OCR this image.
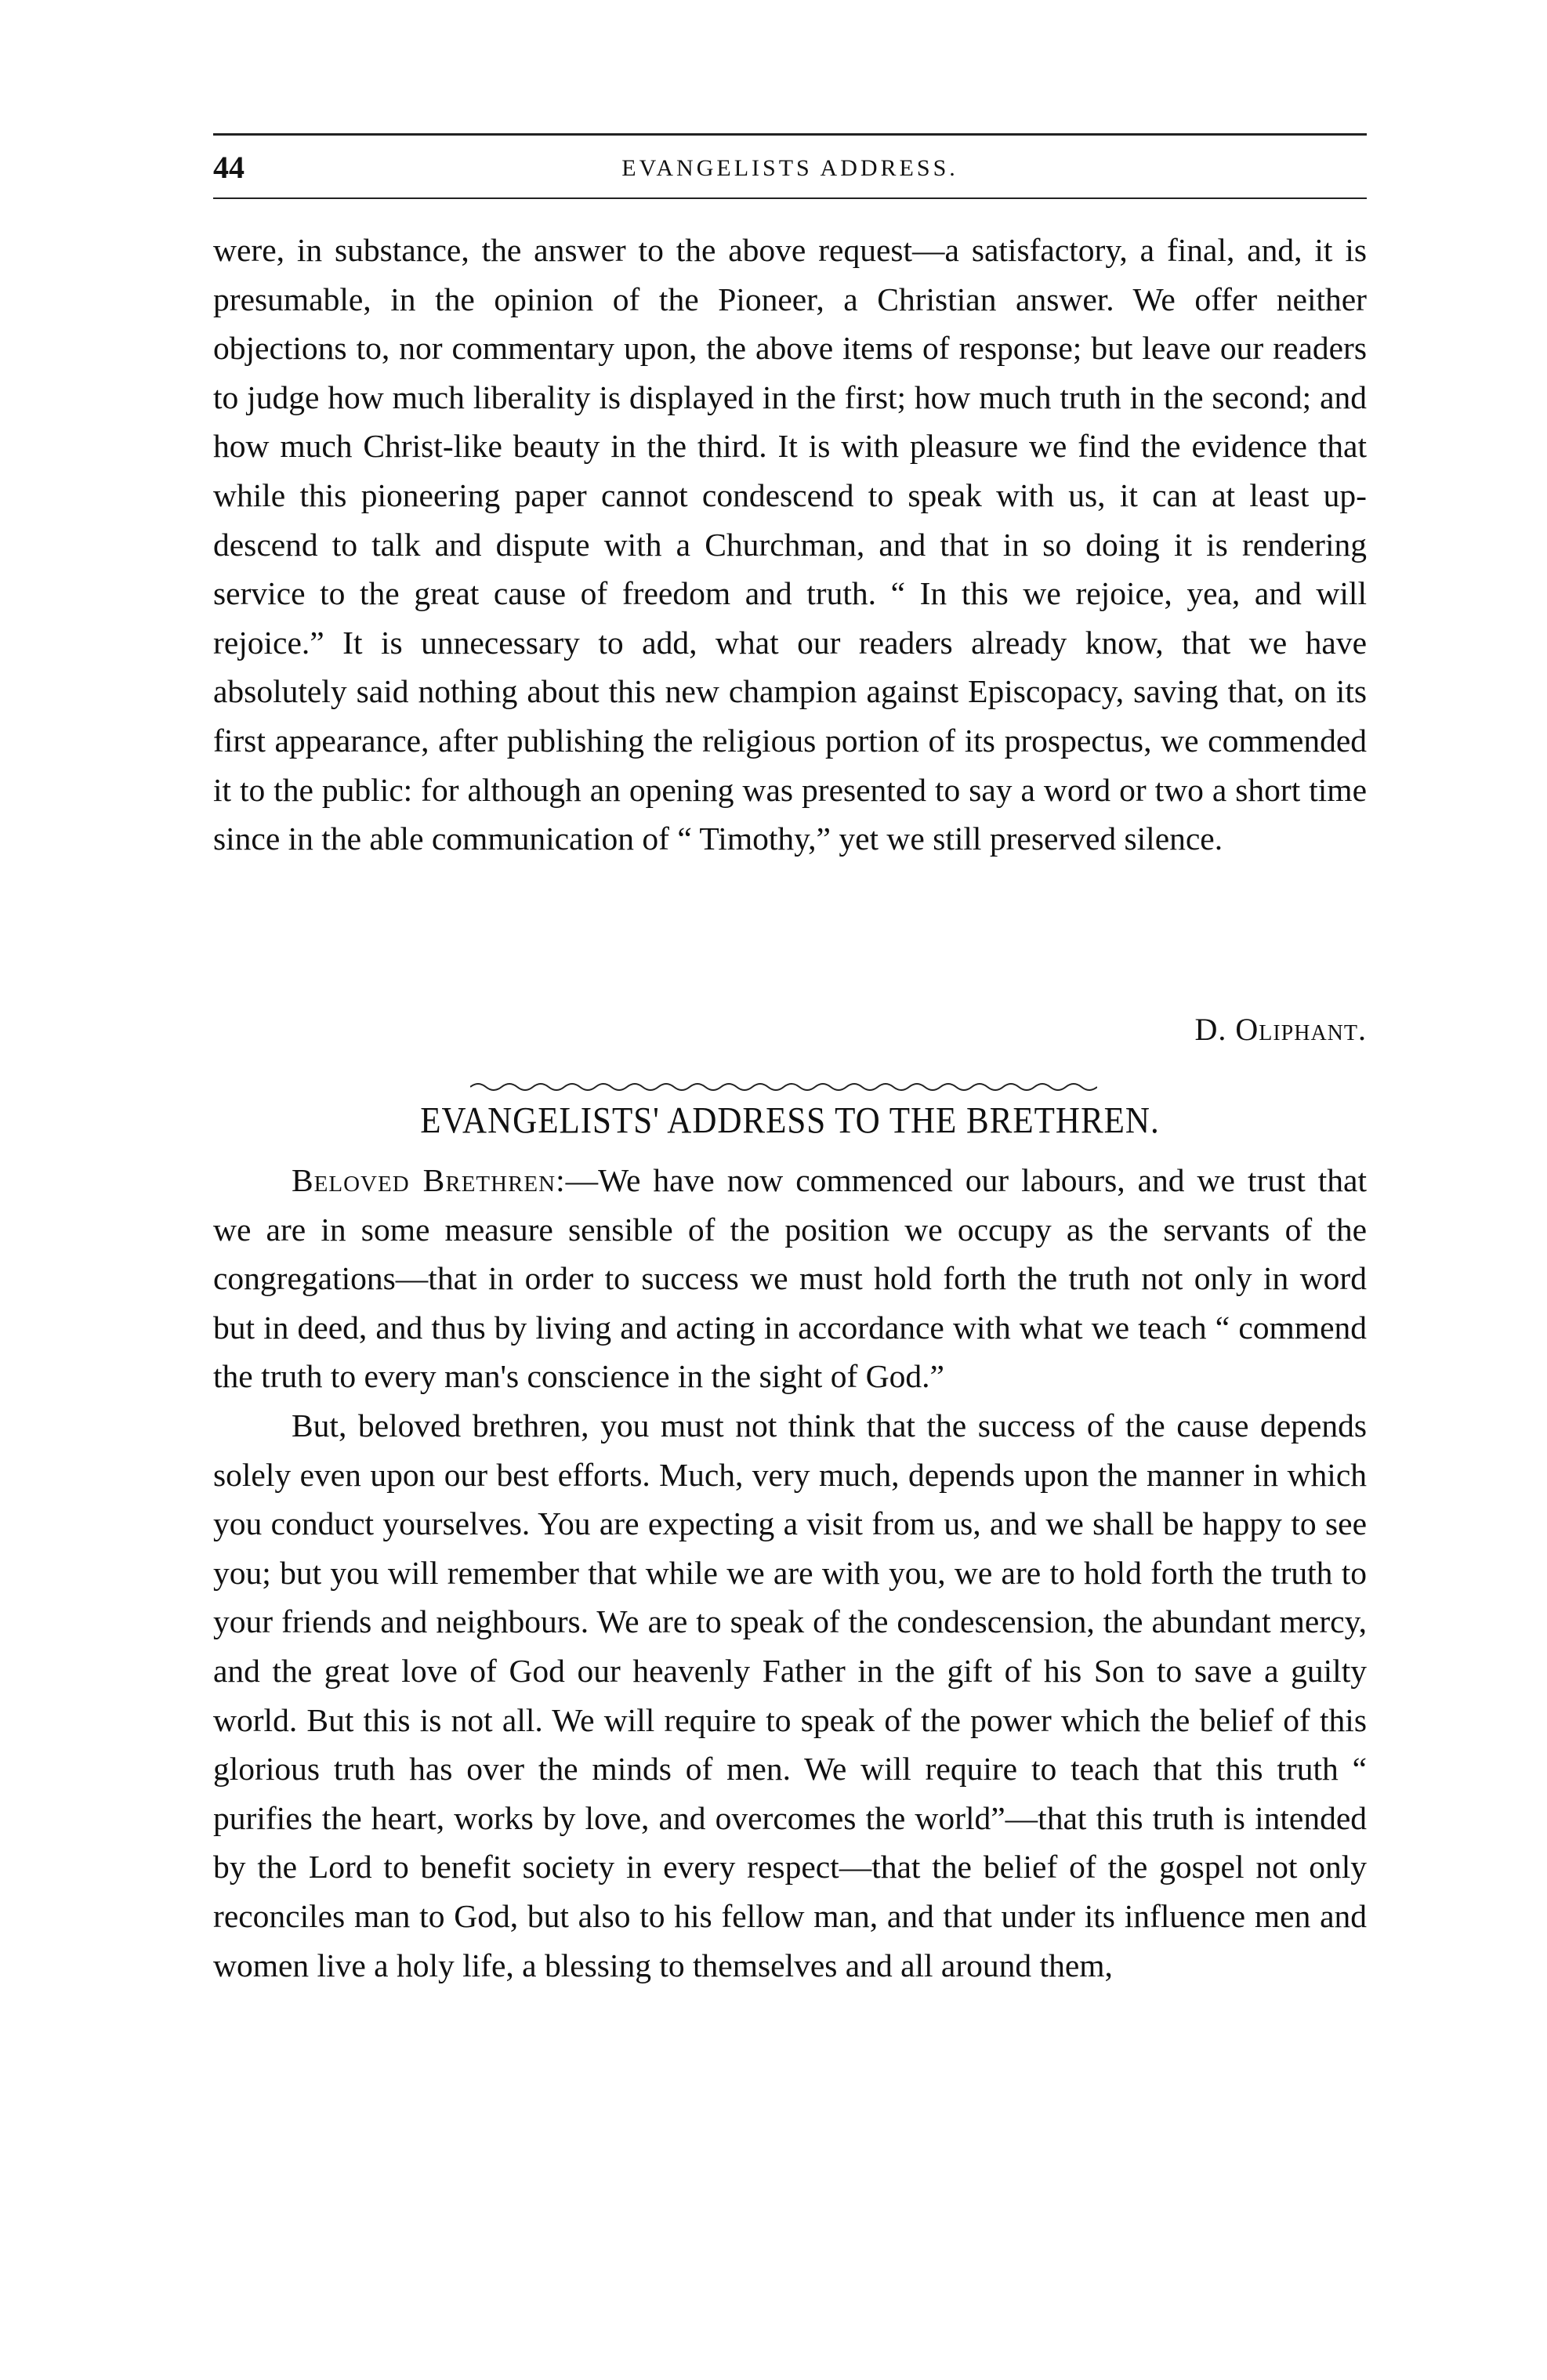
44	EVANGELISTS ADDRESS.

were, in substance, the answer to the above request—a satisfactory, a final, and, it is presumable, in the opinion of the Pioneer, a Christian answer. We offer neither objections to, nor commentary upon, the above items of response; but leave our readers to judge how much liberality is displayed in the first; how much truth in the second; and how much Christ-like beauty in the third. It is with pleasure we find the evidence that while this pioneering paper cannot condescend to speak with us, it can at least up-descend to talk and dispute with a Churchman, and that in so doing it is rendering service to the great cause of freedom and truth. “ In this we rejoice, yea, and will rejoice.” It is unnecessary to add, what our readers already know, that we have absolutely said nothing about this new champion against Episcopacy, saving that, on its first appearance, after publishing the religious portion of its prospectus, we commended it to the public: for although an opening was presented to say a word or two a short time since in the able communication of “ Timothy,” yet we still preserved silence.

D. Oliphant.
EVANGELISTS' ADDRESS TO THE BRETHREN.

Beloved Brethren:—We have now commenced our labours, and we trust that we are in some measure sensible of the position we occupy as the servants of the congregations—that in order to success we must hold forth the truth not only in word but in deed, and thus by living and acting in accordance with what we teach “ commend the truth to every man's conscience in the sight of God.”

But, beloved brethren, you must not think that the success of the cause depends solely even upon our best efforts. Much, very much, depends upon the manner in which you conduct yourselves. You are expecting a visit from us, and we shall be happy to see you; but you will remember that while we are with you, we are to hold forth the truth to your friends and neighbours. We are to speak of the condescension, the abundant mercy, and the great love of God our heavenly Father in the gift of his Son to save a guilty world. But this is not all. We will require to speak of the power which the belief of this glorious truth has over the minds of men. We will require to teach that this truth “ purifies the heart, works by love, and overcomes the world”—that this truth is intended by the Lord to benefit society in every respect—that the belief of the gospel not only reconciles man to God, but also to his fellow man, and that under its influence men and women live a holy life, a blessing to themselves and all around them,
